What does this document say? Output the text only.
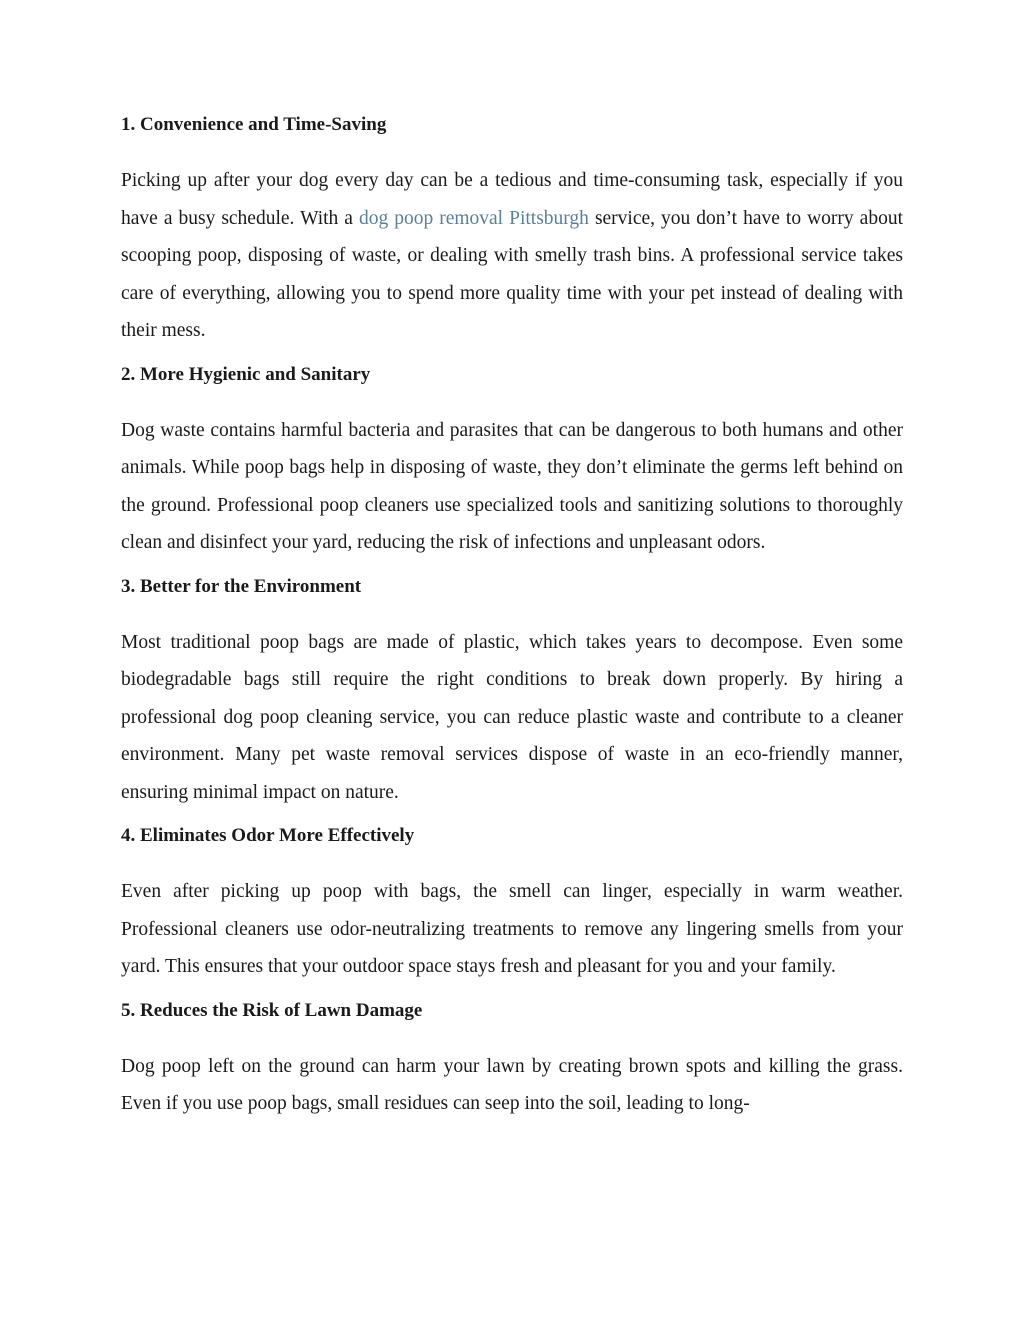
1. Convenience and Time-Saving

Picking up after your dog every day can be a tedious and time-consuming task, especially if you have a busy schedule. With a dog poop removal Pittsburgh service, you don’t have to worry about scooping poop, disposing of waste, or dealing with smelly trash bins. A professional service takes care of everything, allowing you to spend more quality time with your pet instead of dealing with their mess.

2. More Hygienic and Sanitary

Dog waste contains harmful bacteria and parasites that can be dangerous to both humans and other animals. While poop bags help in disposing of waste, they don’t eliminate the germs left behind on the ground. Professional poop cleaners use specialized tools and sanitizing solutions to thoroughly clean and disinfect your yard, reducing the risk of infections and unpleasant odors.

3. Better for the Environment

Most traditional poop bags are made of plastic, which takes years to decompose. Even some biodegradable bags still require the right conditions to break down properly. By hiring a professional dog poop cleaning service, you can reduce plastic waste and contribute to a cleaner environment. Many pet waste removal services dispose of waste in an eco-friendly manner, ensuring minimal impact on nature.

4. Eliminates Odor More Effectively

Even after picking up poop with bags, the smell can linger, especially in warm weather. Professional cleaners use odor-neutralizing treatments to remove any lingering smells from your yard. This ensures that your outdoor space stays fresh and pleasant for you and your family.

5. Reduces the Risk of Lawn Damage

Dog poop left on the ground can harm your lawn by creating brown spots and killing the grass. Even if you use poop bags, small residues can seep into the soil, leading to long-
